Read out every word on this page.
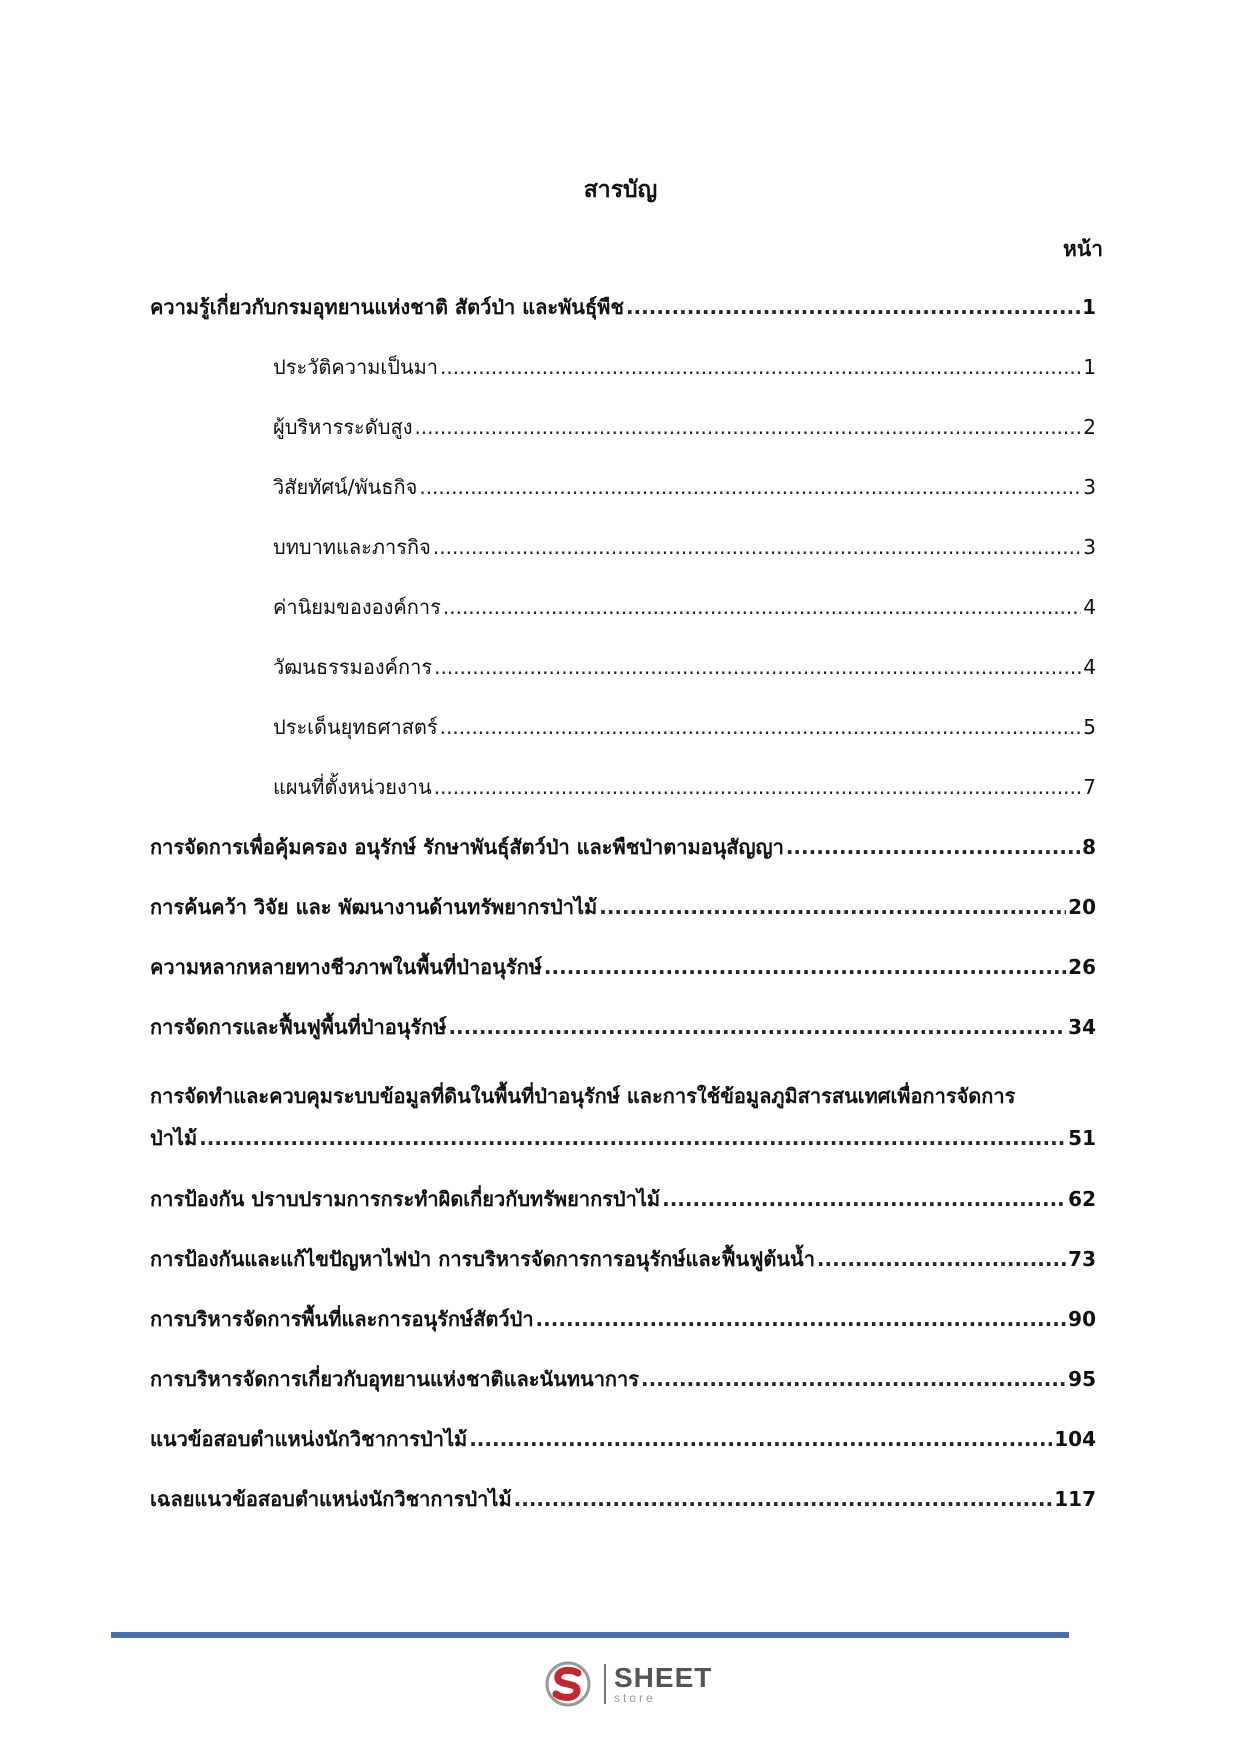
สารบัญ
หน้า
ความรู้เกี่ยวกับกรมอุทยานแห่งชาติ สัตว์ป่า และพันธุ์พืช .....	1
ประวัติความเป็นมา .....	1
ผู้บริหารระดับสูง .....	2
วิสัยทัศน์/พันธกิจ .....	3
บทบาทและภารกิจ .....	3
ค่านิยมขององค์การ .....	4
วัฒนธรรมองค์การ .....	4
ประเด็นยุทธศาสตร์ .....	5
แผนที่ตั้งหน่วยงาน .....	7
การจัดการเพื่อคุ้มครอง อนุรักษ์ รักษาพันธุ์สัตว์ป่า และพืชป่าตามอนุสัญญา .....	8
การค้นคว้า วิจัย และ พัฒนางานด้านทรัพยากรป่าไม้ .....	20
ความหลากหลายทางชีวภาพในพื้นที่ป่าอนุรักษ์ .....	26
การจัดการและฟื้นฟูพื้นที่ป่าอนุรักษ์ .....	34
การจัดทำและควบคุมระบบข้อมูลที่ดินในพื้นที่ป่าอนุรักษ์ และการใช้ข้อมูลภูมิสารสนเทศเพื่อการจัดการ
ป่าไม้ .....	51
การป้องกัน ปราบปรามการกระทำผิดเกี่ยวกับทรัพยากรป่าไม้ .....	62
การป้องกันและแก้ไขปัญหาไฟป่า การบริหารจัดการการอนุรักษ์และฟื้นฟูต้นน้ำ .....	73
การบริหารจัดการพื้นที่และการอนุรักษ์สัตว์ป่า .....	90
การบริหารจัดการเกี่ยวกับอุทยานแห่งชาติและนันทนาการ .....	95
แนวข้อสอบตำแหน่งนักวิชาการป่าไม้ .....	104
เฉลยแนวข้อสอบตำแหน่งนักวิชาการป่าไม้ .....	117
SHEET
store
